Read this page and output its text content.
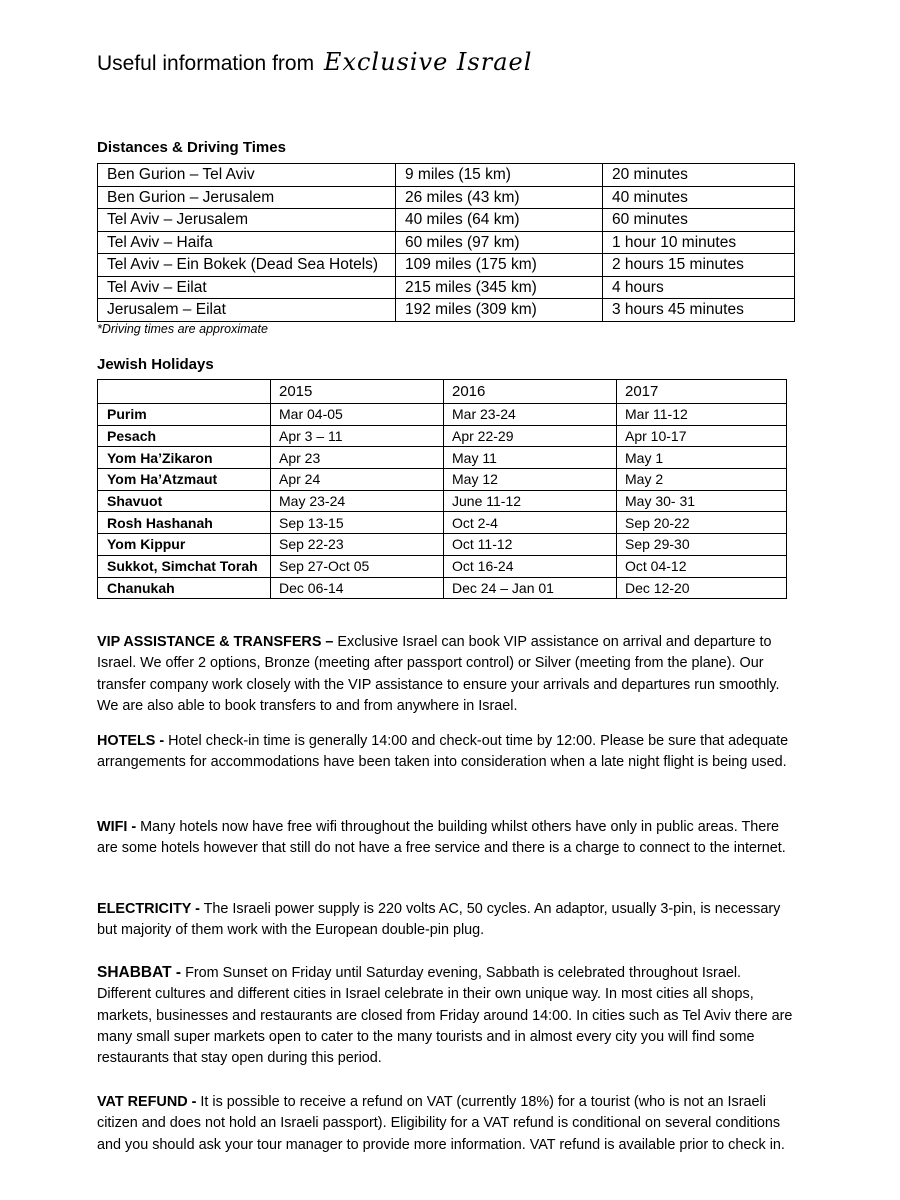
Useful information from Exclusive Israel
Distances & Driving Times
Ben Gurion – Tel Aviv	9 miles (15 km)	20 minutes
Ben Gurion – Jerusalem	26 miles (43 km)	40 minutes
Tel Aviv – Jerusalem	40 miles (64 km)	60 minutes
Tel Aviv – Haifa	60 miles (97 km)	1 hour 10 minutes
Tel Aviv – Ein Bokek (Dead Sea Hotels)	109 miles (175 km)	2 hours 15 minutes
Tel Aviv – Eilat	215 miles (345 km)	4 hours
Jerusalem – Eilat	192 miles (309 km)	3 hours 45 minutes
*Driving times are approximate
Jewish Holidays
	2015	2016	2017
Purim	Mar 04-05	Mar 23-24	Mar 11-12
Pesach	Apr 3 – 11	Apr 22-29	Apr 10-17
Yom Ha’Zikaron	Apr 23	May 11	May 1
Yom Ha’Atzmaut	Apr 24	May 12	May 2
Shavuot	May 23-24	June 11-12	May 30- 31
Rosh Hashanah	Sep 13-15	Oct 2-4	Sep 20-22
Yom Kippur	Sep 22-23	Oct 11-12	Sep 29-30
Sukkot, Simchat Torah	Sep 27-Oct 05	Oct 16-24	Oct 04-12
Chanukah	Dec 06-14	Dec 24 – Jan 01	Dec 12-20

VIP ASSISTANCE & TRANSFERS – Exclusive Israel can book VIP assistance on arrival and departure to Israel. We offer 2 options, Bronze (meeting after passport control) or Silver (meeting from the plane). Our transfer company work closely with the VIP assistance to ensure your arrivals and departures run smoothly. We are also able to book transfers to and from anywhere in Israel.

HOTELS - Hotel check-in time is generally 14:00 and check-out time by 12:00. Please be sure that adequate arrangements for accommodations have been taken into consideration when a late night flight is being used.

WIFI - Many hotels now have free wifi throughout the building whilst others have only in public areas. There are some hotels however that still do not have a free service and there is a charge to connect to the internet.

ELECTRICITY - The Israeli power supply is 220 volts AC, 50 cycles. An adaptor, usually 3-pin, is necessary but majority of them work with the European double-pin plug.

SHABBAT - From Sunset on Friday until Saturday evening, Sabbath is celebrated throughout Israel. Different cultures and different cities in Israel celebrate in their own unique way. In most cities all shops, markets, businesses and restaurants are closed from Friday around 14:00. In cities such as Tel Aviv there are many small super markets open to cater to the many tourists and in almost every city you will find some restaurants that stay open during this period.

VAT REFUND - It is possible to receive a refund on VAT (currently 18%) for a tourist (who is not an Israeli citizen and does not hold an Israeli passport). Eligibility for a VAT refund is conditional on several conditions and you should ask your tour manager to provide more information. VAT refund is available prior to check in.
